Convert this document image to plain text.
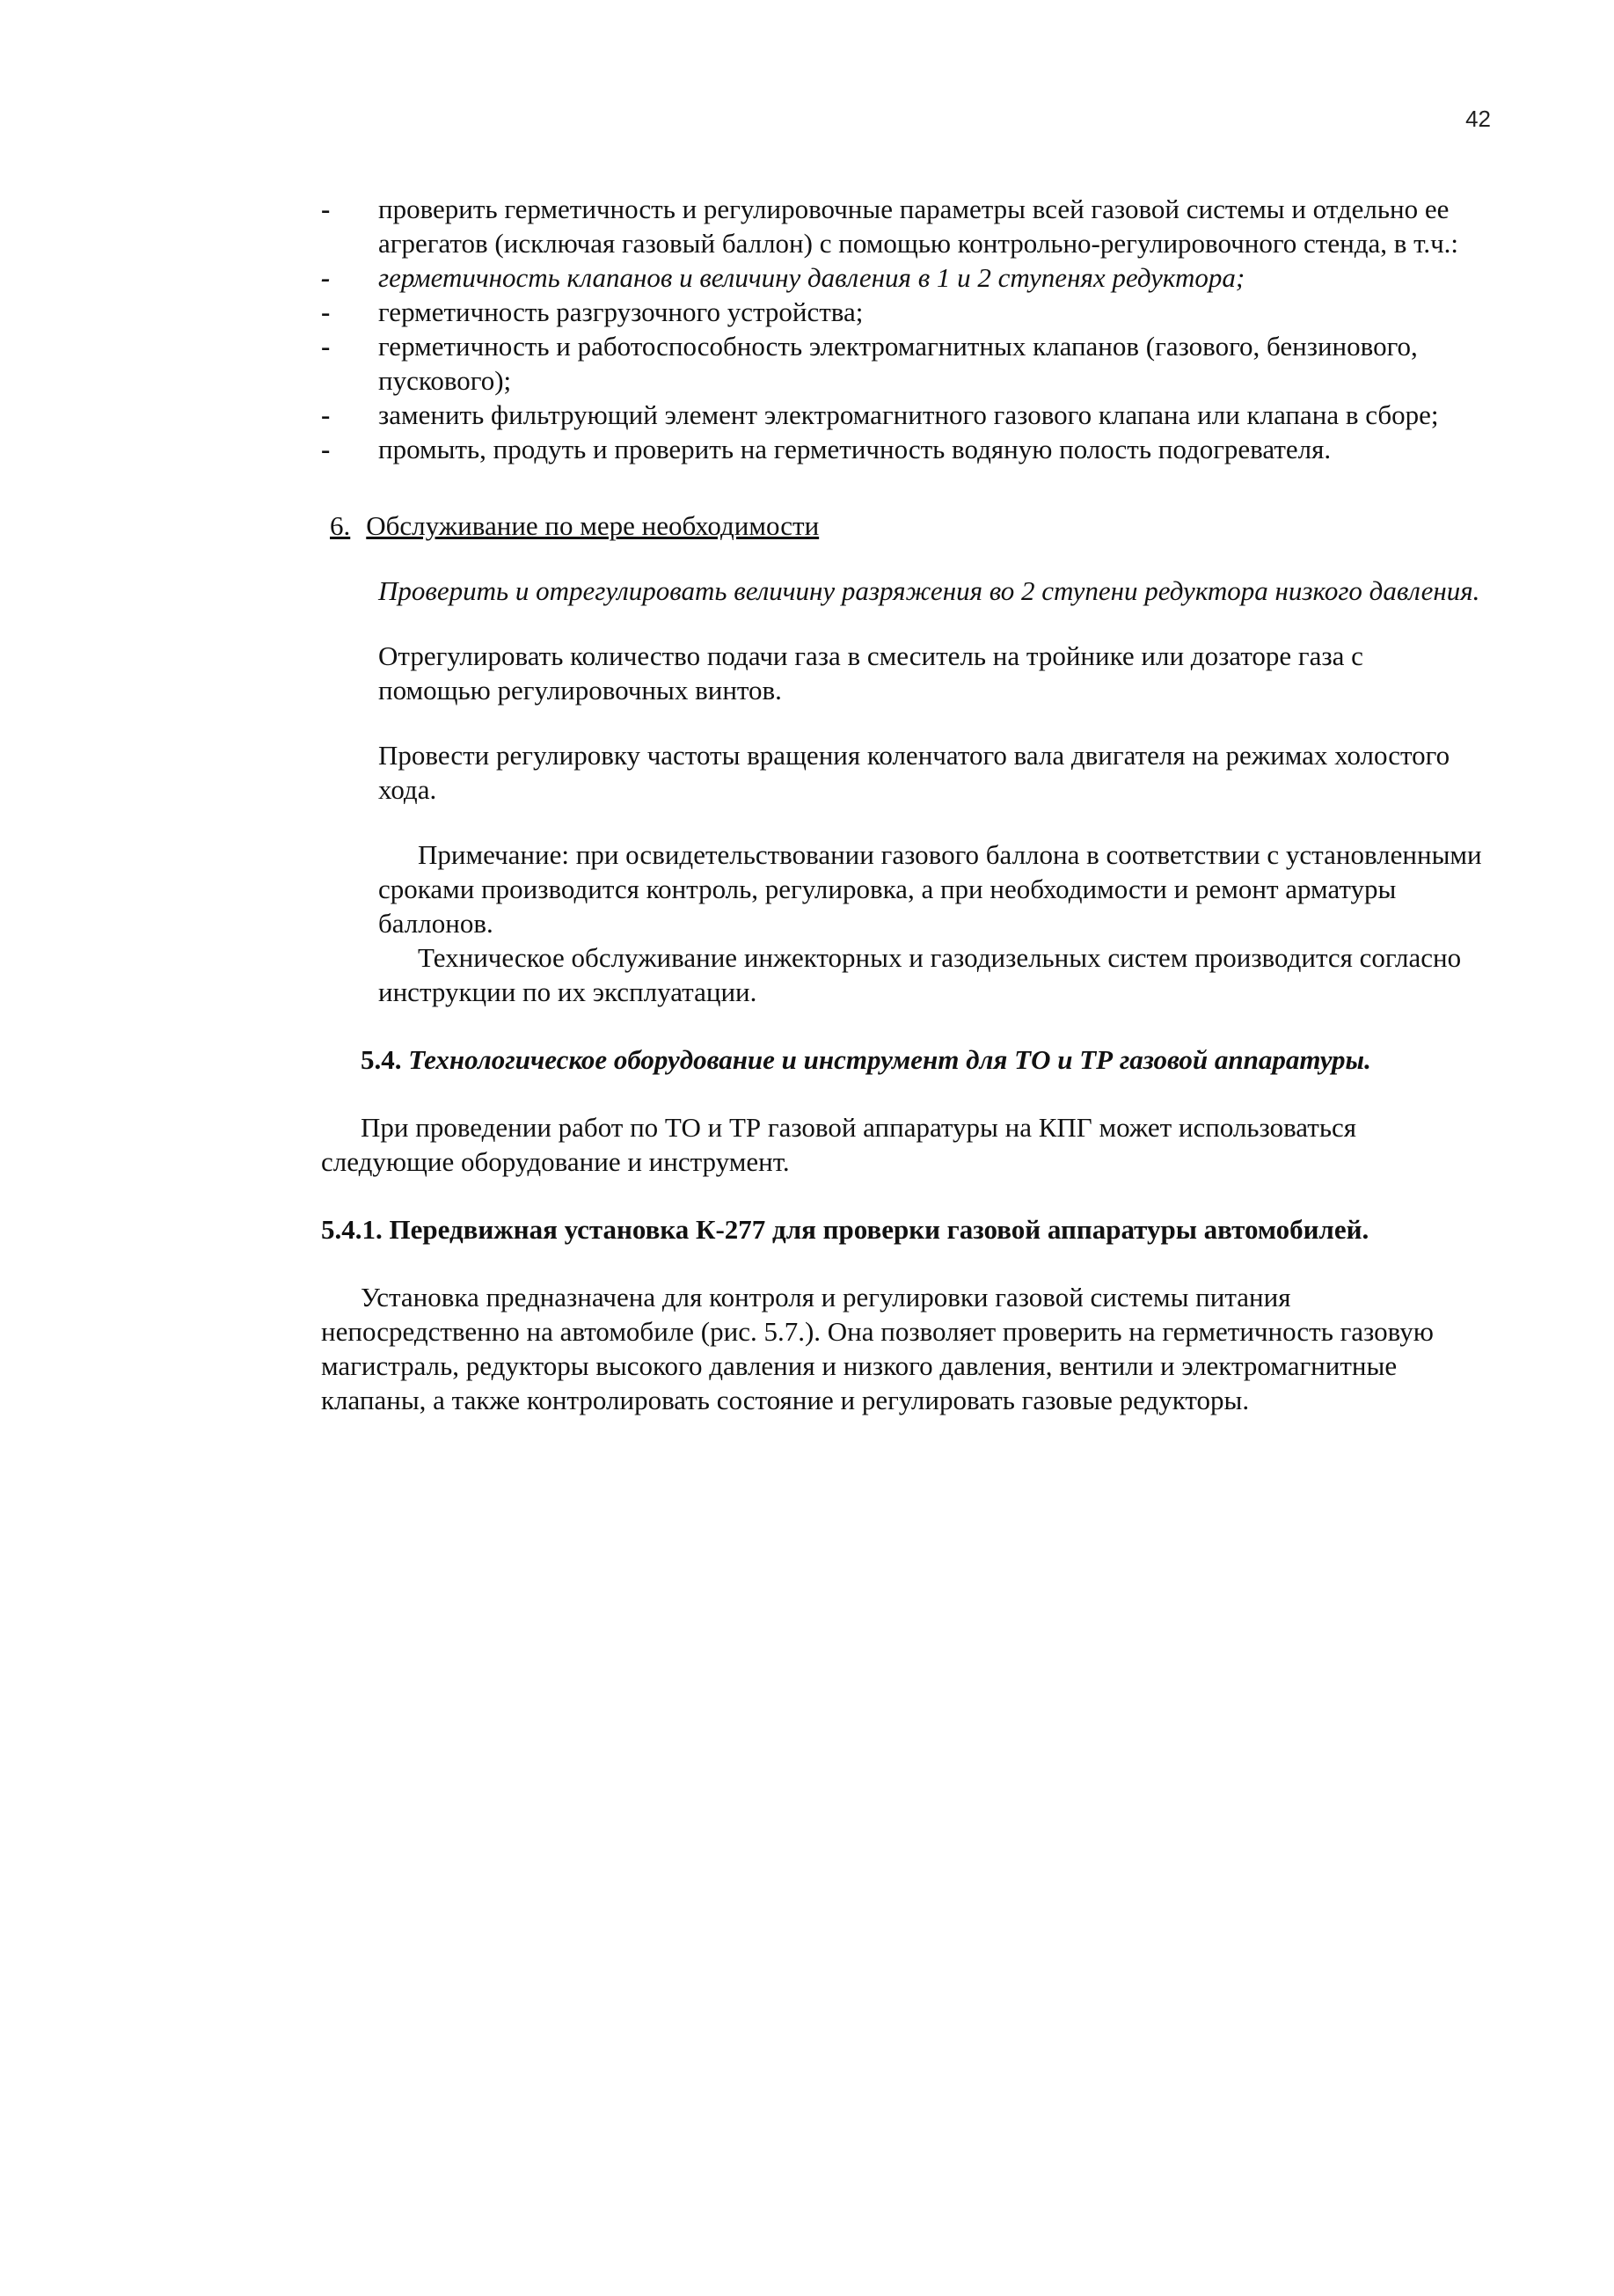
42
- проверить герметичность и регулировочные параметры всей газовой системы и отдельно ее агрегатов (исключая газовый баллон) с помощью контрольно-регулировочного стенда, в т.ч.:
- герметичность клапанов и величину давления в 1 и 2 ступенях редуктора;
- герметичность разгрузочного устройства;
- герметичность и работоспособность электромагнитных клапанов (газового, бензинового, пускового);
- заменить фильтрующий элемент электромагнитного газового клапана или клапана в сборе;
- промыть, продуть и проверить на герметичность водяную полость подогревателя.
6. Обслуживание по мере необходимости

Проверить и отрегулировать величину разряжения во 2 ступени редуктора низкого давления.

Отрегулировать количество подачи газа в смеситель на тройнике или дозаторе газа с помощью регулировочных винтов.

Провести регулировку частоты вращения коленчатого вала двигателя на режимах холостого хода.

Примечание: при освидетельствовании газового баллона в соответствии с установленными сроками производится контроль, регулировка, а при необходимости и ремонт арматуры баллонов.

Техническое обслуживание инжекторных и газодизельных систем производится согласно инструкции по их эксплуатации.

5.4. Технологическое оборудование и инструмент для ТО и ТР газовой аппаратуры.

При проведении работ по ТО и ТР газовой аппаратуры на КПГ может использоваться следующие оборудование и инструмент.

5.4.1. Передвижная установка К-277 для проверки газовой аппаратуры автомобилей.

Установка предназначена для контроля и регулировки газовой системы питания непосредственно на автомобиле (рис. 5.7.). Она позволяет проверить на герметичность газовую магистраль, редукторы высокого давления и низкого давления, вентили и электромагнитные клапаны, а также контролировать состояние и регулировать газовые редукторы.
